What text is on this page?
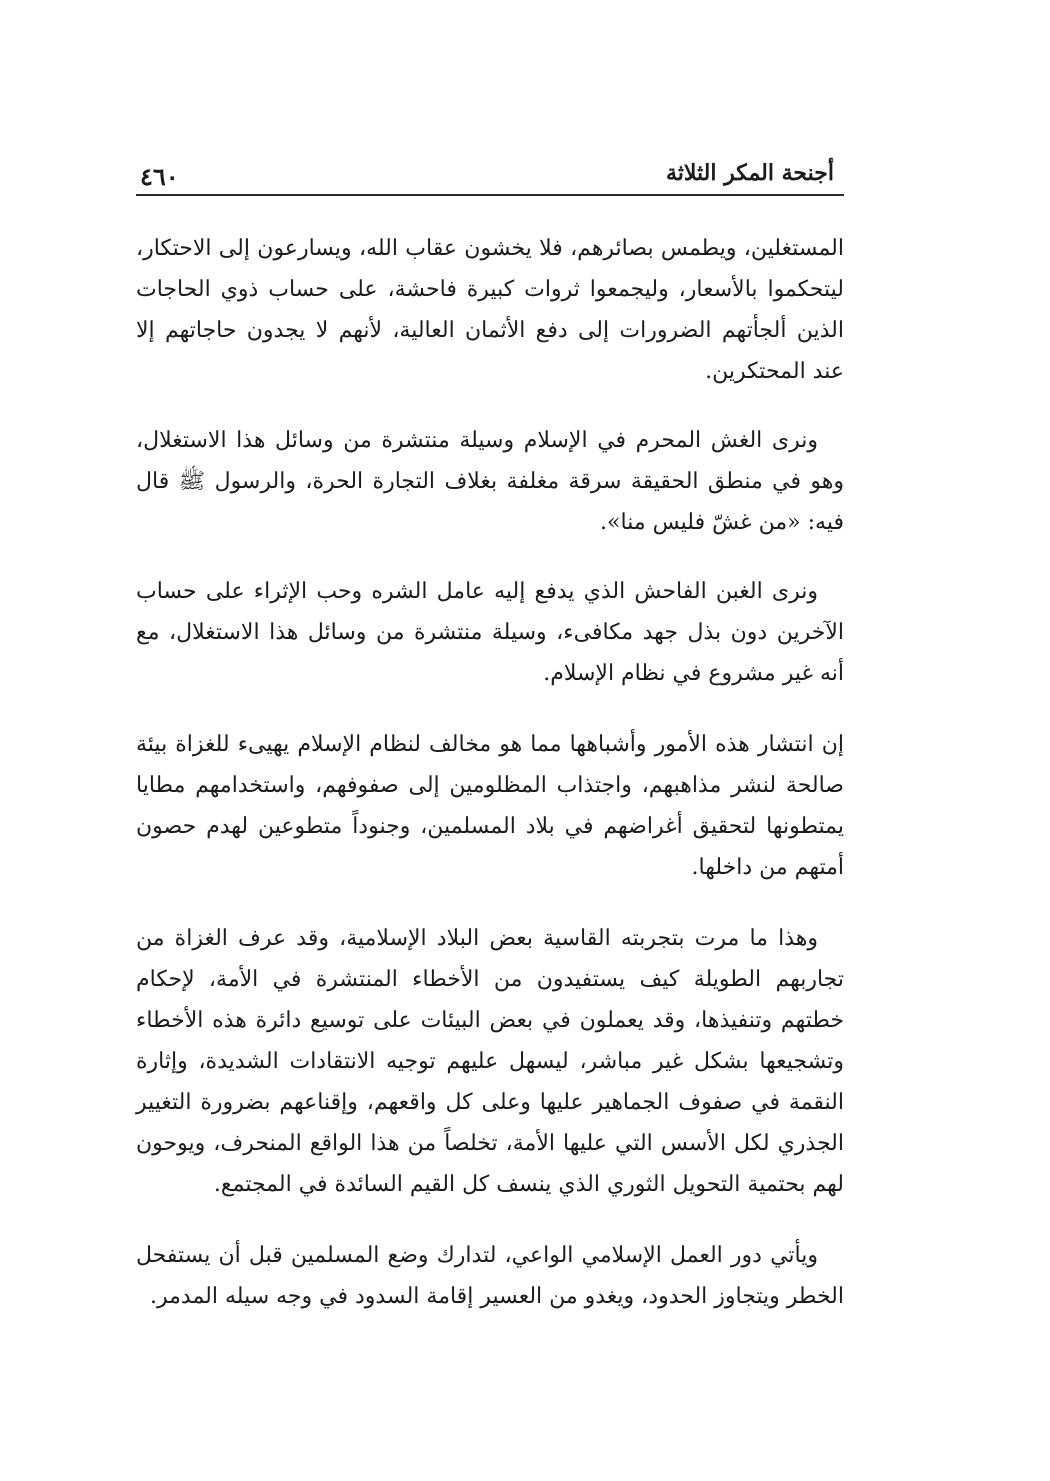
٤٦٠	أجنحة المكر الثلاثة

المستغلين، ويطمس بصائرهم، فلا يخشون عقاب الله، ويسارعون إلى الاحتكار، ليتحكموا بالأسعار، وليجمعوا ثروات كبيرة فاحشة، على حساب ذوي الحاجات الذين ألجأتهم الضرورات إلى دفع الأثمان العالية، لأنهم لا يجدون حاجاتهم إلا عند المحتكرين.

ونرى الغش المحرم في الإسلام وسيلة منتشرة من وسائل هذا الاستغلال، وهو في منطق الحقيقة سرقة مغلفة بغلاف التجارة الحرة، والرسول ﷺ قال فيه: «من غشّ فليس منا».

ونرى الغبن الفاحش الذي يدفع إليه عامل الشره وحب الإثراء على حساب الآخرين دون بذل جهد مكافىء، وسيلة منتشرة من وسائل هذا الاستغلال، مع أنه غير مشروع في نظام الإسلام.

إن انتشار هذه الأمور وأشباهها مما هو مخالف لنظام الإسلام يهيىء للغزاة بيئة صالحة لنشر مذاهبهم، واجتذاب المظلومين إلى صفوفهم، واستخدامهم مطايا يمتطونها لتحقيق أغراضهم في بلاد المسلمين، وجنوداً متطوعين لهدم حصون أمتهم من داخلها.

وهذا ما مرت بتجربته القاسية بعض البلاد الإسلامية، وقد عرف الغزاة من تجاربهم الطويلة كيف يستفيدون من الأخطاء المنتشرة في الأمة، لإحكام خطتهم وتنفيذها، وقد يعملون في بعض البيئات على توسيع دائرة هذه الأخطاء وتشجيعها بشكل غير مباشر، ليسهل عليهم توجيه الانتقادات الشديدة، وإثارة النقمة في صفوف الجماهير عليها وعلى كل واقعهم، وإقناعهم بضرورة التغيير الجذري لكل الأسس التي عليها الأمة، تخلصاً من هذا الواقع المنحرف، ويوحون لهم بحتمية التحويل الثوري الذي ينسف كل القيم السائدة في المجتمع.

ويأتي دور العمل الإسلامي الواعي، لتدارك وضع المسلمين قبل أن يستفحل الخطر ويتجاوز الحدود، ويغدو من العسير إقامة السدود في وجه سيله المدمر.
